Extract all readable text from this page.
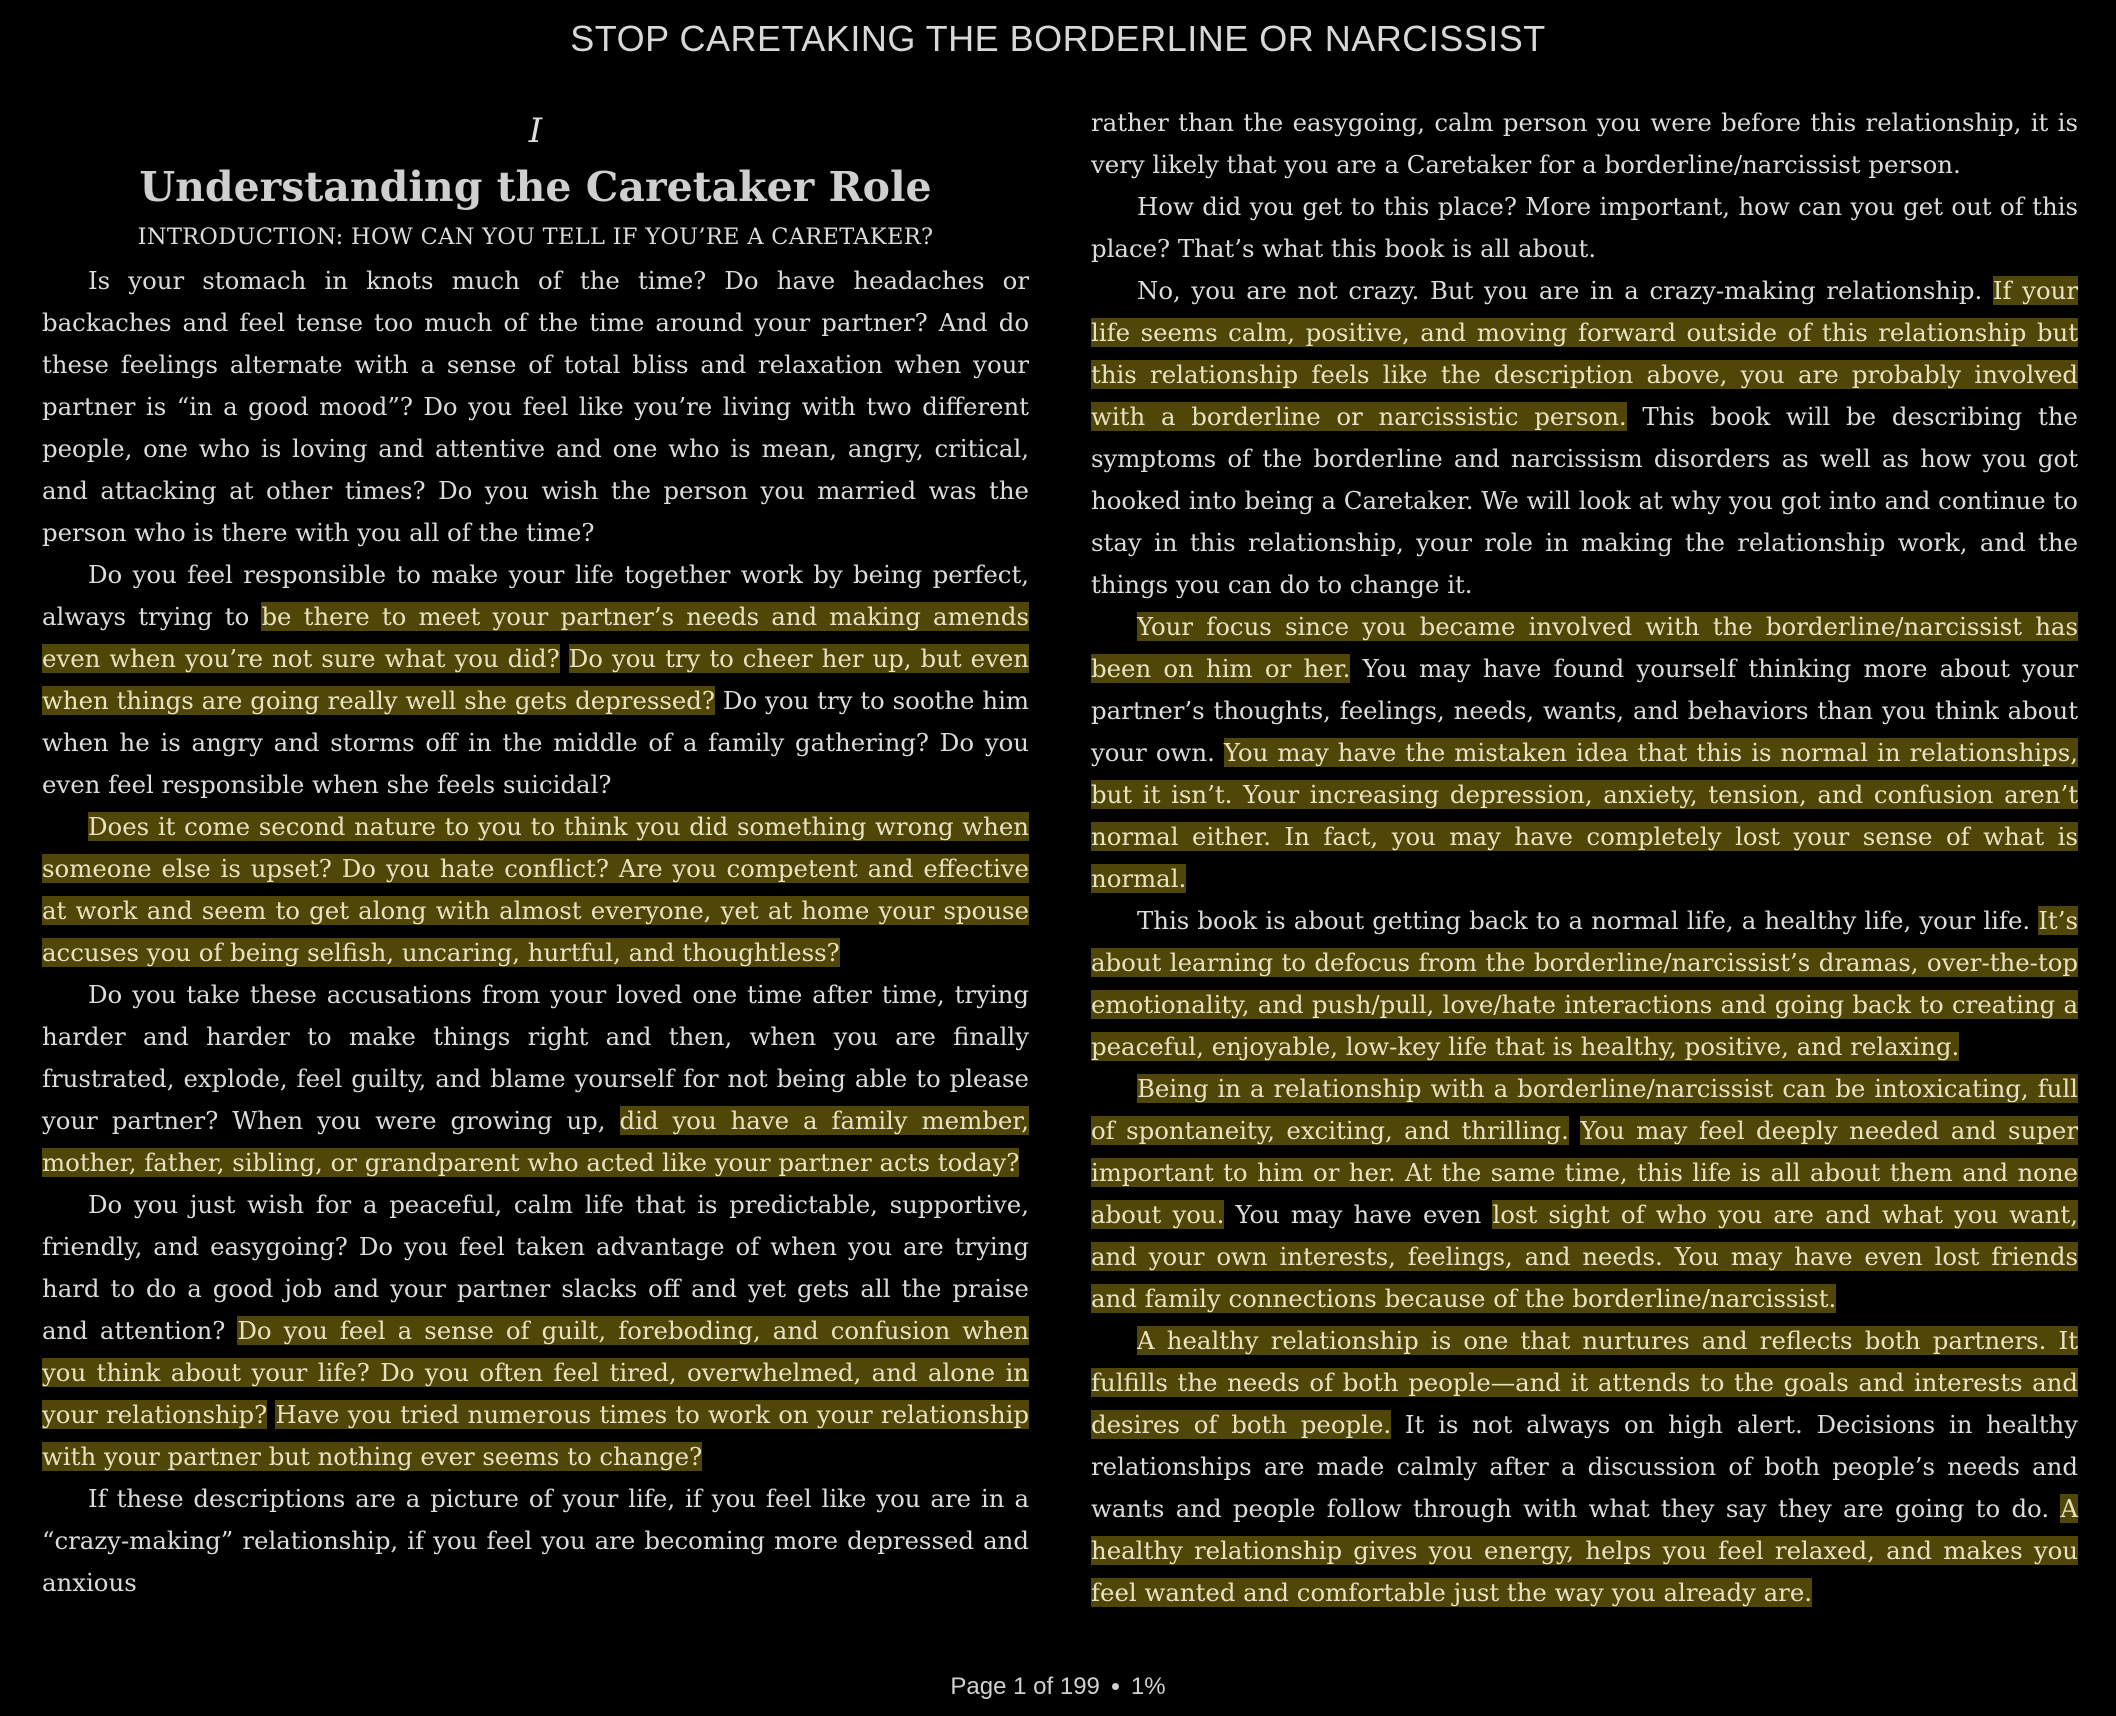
STOP CARETAKING THE BORDERLINE OR NARCISSIST
I
Understanding the Caretaker Role
INTRODUCTION: HOW CAN YOU TELL IF YOU’RE A CARETAKER?

Is your stomach in knots much of the time? Do have headaches or backaches and feel tense too much of the time around your partner? And do these feelings alternate with a sense of total bliss and relaxation when your partner is “in a good mood”? Do you feel like you’re living with two different people, one who is loving and attentive and one who is mean, angry, critical, and attacking at other times? Do you wish the person you married was the person who is there with you all of the time?

Do you feel responsible to make your life together work by being perfect, always trying to be there to meet your partner’s needs and making amends even when you’re not sure what you did? Do you try to cheer her up, but even when things are going really well she gets depressed? Do you try to soothe him when he is angry and storms off in the middle of a family gathering? Do you even feel responsible when she feels suicidal?

Does it come second nature to you to think you did something wrong when someone else is upset? Do you hate conflict? Are you competent and effective at work and seem to get along with almost everyone, yet at home your spouse accuses you of being selfish, uncaring, hurtful, and thoughtless?

Do you take these accusations from your loved one time after time, trying harder and harder to make things right and then, when you are finally frustrated, explode, feel guilty, and blame yourself for not being able to please your partner? When you were growing up, did you have a family member, mother, father, sibling, or grandparent who acted like your partner acts today?

Do you just wish for a peaceful, calm life that is predictable, supportive, friendly, and easygoing? Do you feel taken advantage of when you are trying hard to do a good job and your partner slacks off and yet gets all the praise and attention? Do you feel a sense of guilt, foreboding, and confusion when you think about your life? Do you often feel tired, overwhelmed, and alone in your relationship? Have you tried numerous times to work on your relationship with your partner but nothing ever seems to change?

If these descriptions are a picture of your life, if you feel like you are in a “crazy-making” relationship, if you feel you are becoming more depressed and anxious

rather than the easygoing, calm person you were before this relationship, it is very likely that you are a Caretaker for a borderline/narcissist person.

How did you get to this place? More important, how can you get out of this place? That’s what this book is all about.

No, you are not crazy. But you are in a crazy-making relationship. If your life seems calm, positive, and moving forward outside of this relationship but this relationship feels like the description above, you are probably involved with a borderline or narcissistic person. This book will be describing the symptoms of the borderline and narcissism disorders as well as how you got hooked into being a Caretaker. We will look at why you got into and continue to stay in this relationship, your role in making the relationship work, and the things you can do to change it.

Your focus since you became involved with the borderline/narcissist has been on him or her. You may have found yourself thinking more about your partner’s thoughts, feelings, needs, wants, and behaviors than you think about your own. You may have the mistaken idea that this is normal in relationships, but it isn’t. Your increasing depression, anxiety, tension, and confusion aren’t normal either. In fact, you may have completely lost your sense of what is normal.

This book is about getting back to a normal life, a healthy life, your life. It’s about learning to defocus from the borderline/narcissist’s dramas, over-the-top emotionality, and push/pull, love/hate interactions and going back to creating a peaceful, enjoyable, low-key life that is healthy, positive, and relaxing.

Being in a relationship with a borderline/narcissist can be intoxicating, full of spontaneity, exciting, and thrilling. You may feel deeply needed and super important to him or her. At the same time, this life is all about them and none about you. You may have even lost sight of who you are and what you want, and your own interests, feelings, and needs. You may have even lost friends and family connections because of the borderline/narcissist.

A healthy relationship is one that nurtures and reflects both partners. It fulfills the needs of both people—and it attends to the goals and interests and desires of both people. It is not always on high alert. Decisions in healthy relationships are made calmly after a discussion of both people’s needs and wants and people follow through with what they say they are going to do. A healthy relationship gives you energy, helps you feel relaxed, and makes you feel wanted and comfortable just the way you already are.

Page 1 of 199 1%
